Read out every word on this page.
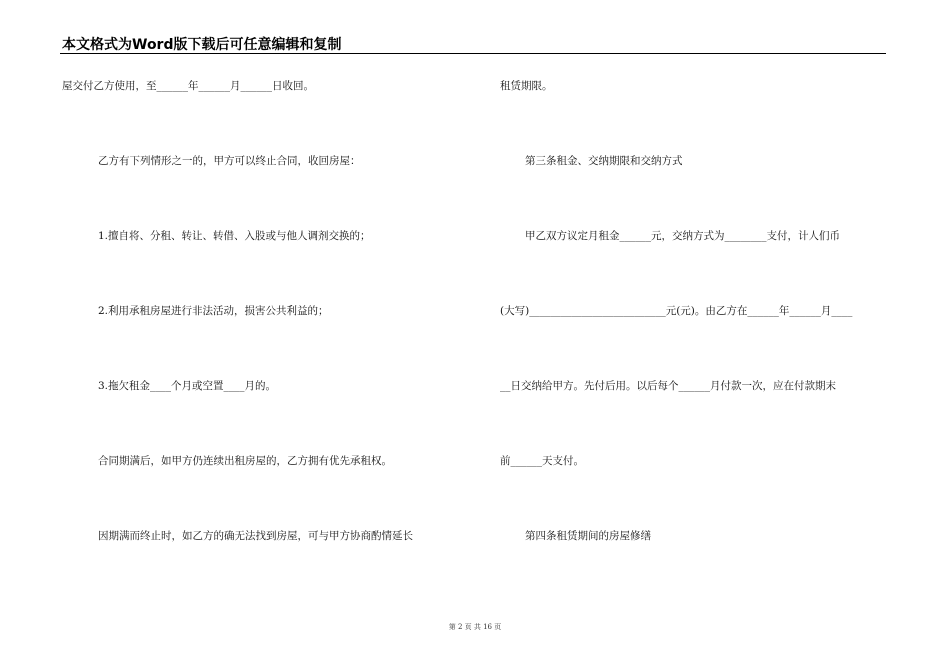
本文格式为Word版下载后可任意编辑和复制
屋交付乙方使用，至______年______月______日收回。
乙方有下列情形之一的，甲方可以终止合同，收回房屋：
1.擅自将、分租、转让、转借、入股或与他人调剂交换的；
2.利用承租房屋进行非法活动，损害公共利益的；
3.拖欠租金____个月或空置____月的。
合同期满后，如甲方仍连续出租房屋的，乙方拥有优先承租权。
因期满而终止时，如乙方的确无法找到房屋，可与甲方协商酌情延长
租赁期限。
第三条租金、交纳期限和交纳方式
甲乙双方议定月租金______元，交纳方式为________支付，计人们币
(大写)__________________________元(元)。由乙方在______年______月____
__日交纳给甲方。先付后用。以后每个______月付款一次，应在付款期末
前______天支付。
第四条租赁期间的房屋修缮
第 2 页 共 16 页
